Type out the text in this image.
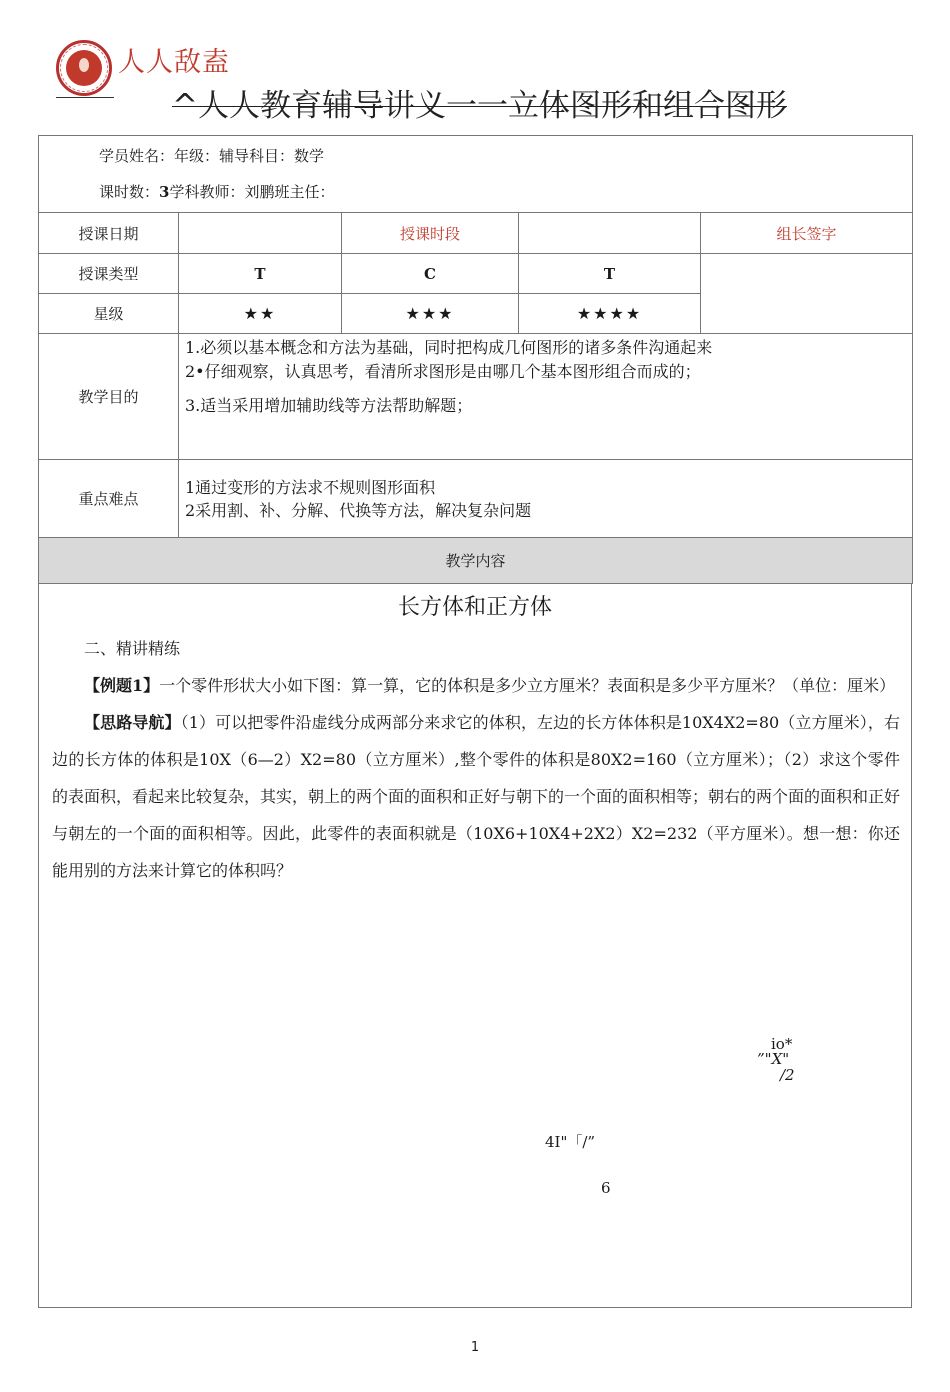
人人敌盍
^人人教育辅导讲义一一立体图形和组合图形

学员姓名：年级：辅导科目：数学

课时数：3学科教师：刘鹏班主任：				

授课日期		授课时段		组长签字
授课类型	T	C	T	
星级	★★	★★★	★★★★	
教学目的	1.必须以基本概念和方法为基础，同时把构成几何图形的诸多条件沟通起来

2•仔细观察，认真思考，看清所求图形是由哪几个基本图形组合而成的；

3.适当采用增加辅助线等方法帮助解题；			

重点难点	1通过变形的方法求不规则图形面积

2采用割、补、分解、代换等方法，解决复杂问题			

教学内容				
长方体和正方体

二、精讲精练

【例题1】一个零件形状大小如下图：算一算，它的体积是多少立方厘米？表面积是多少平方厘米？（单位：厘米）

【思路导航】（1）可以把零件沿虚线分成两部分来求它的体积，左边的长方体体积是10X4X2=80（立方厘米），右边的长方体的体积是10X（6—2）X2=80（立方厘米）,整个零件的体积是80X2=160（立方厘米）；（2）求这个零件的表面积，看起来比较复杂，其实，朝上的两个面的面积和正好与朝下的一个面的面积相等；朝右的两个面的面积和正好与朝左的一个面的面积相等。因此，此零件的表面积就是（10X6+10X4+2X2）X2=232（平方厘米）。想一想：你还能用别的方法来计算它的体积吗？

io*
”"X"
/2
4I"「/”
6
1
